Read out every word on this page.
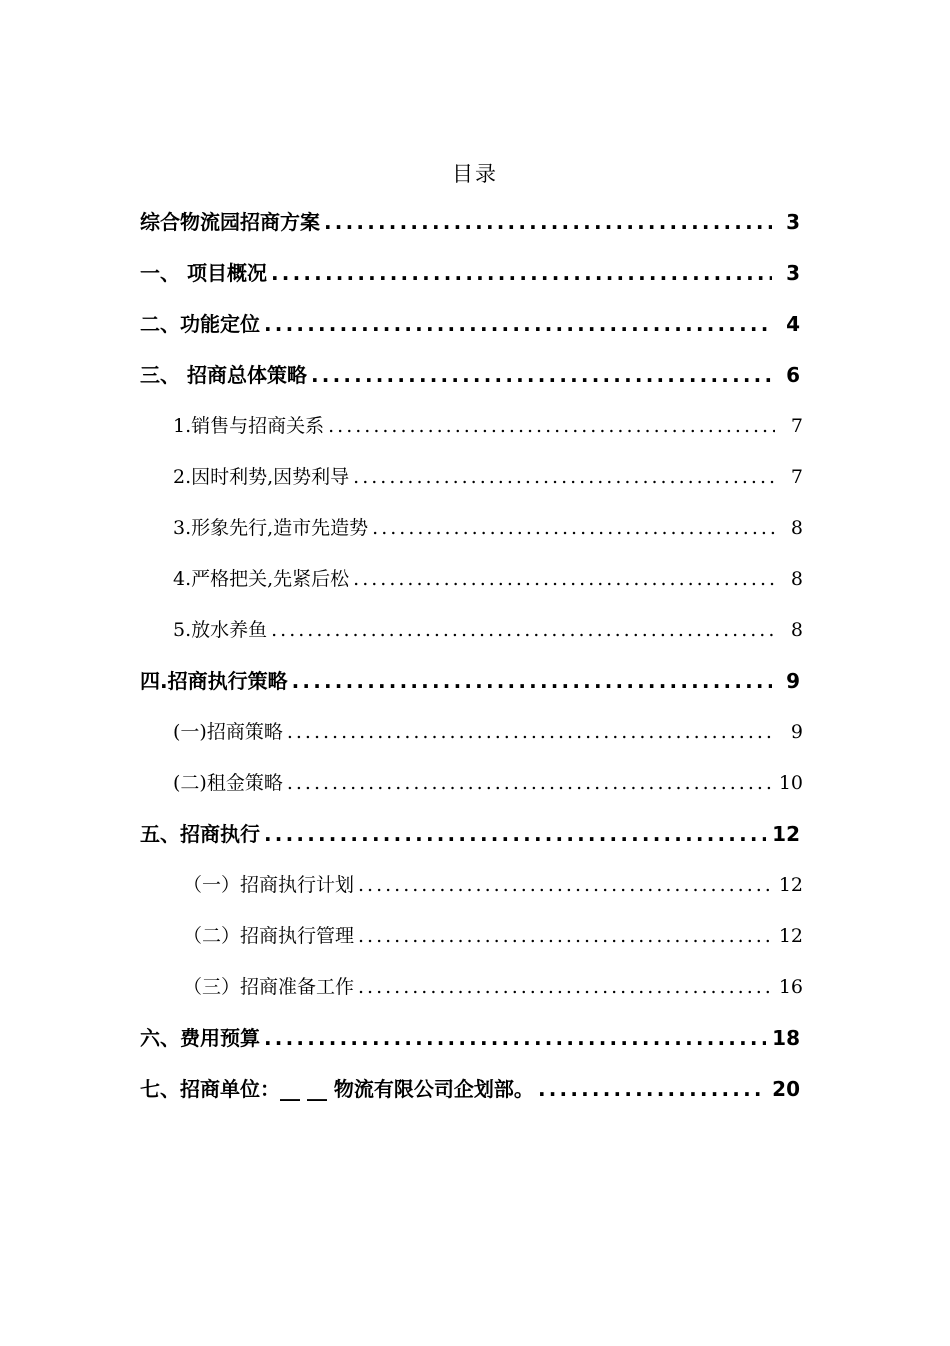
目录
综合物流园招商方案 .....	3
一、 项目概况 .....	3
二、功能定位 .....	4
三、 招商总体策略 .....	6
1.销售与招商关系 .....	7
2.因时利势,因势利导 .....	7
3.形象先行,造市先造势 .....	8
4.严格把关,先紧后松 .....	8
5.放水养鱼 .....	8
四.招商执行策略 .....	9
(一)招商策略 .....	9
(二)租金策略 .....	10
五、招商执行 .....	12
（一）招商执行计划 .....	12
（二）招商执行管理 .....	12
（三）招商准备工作 .....	16
六、费用预算 .....	18
七、招商单位：__ __ 物流有限公司企划部。 .....	20
